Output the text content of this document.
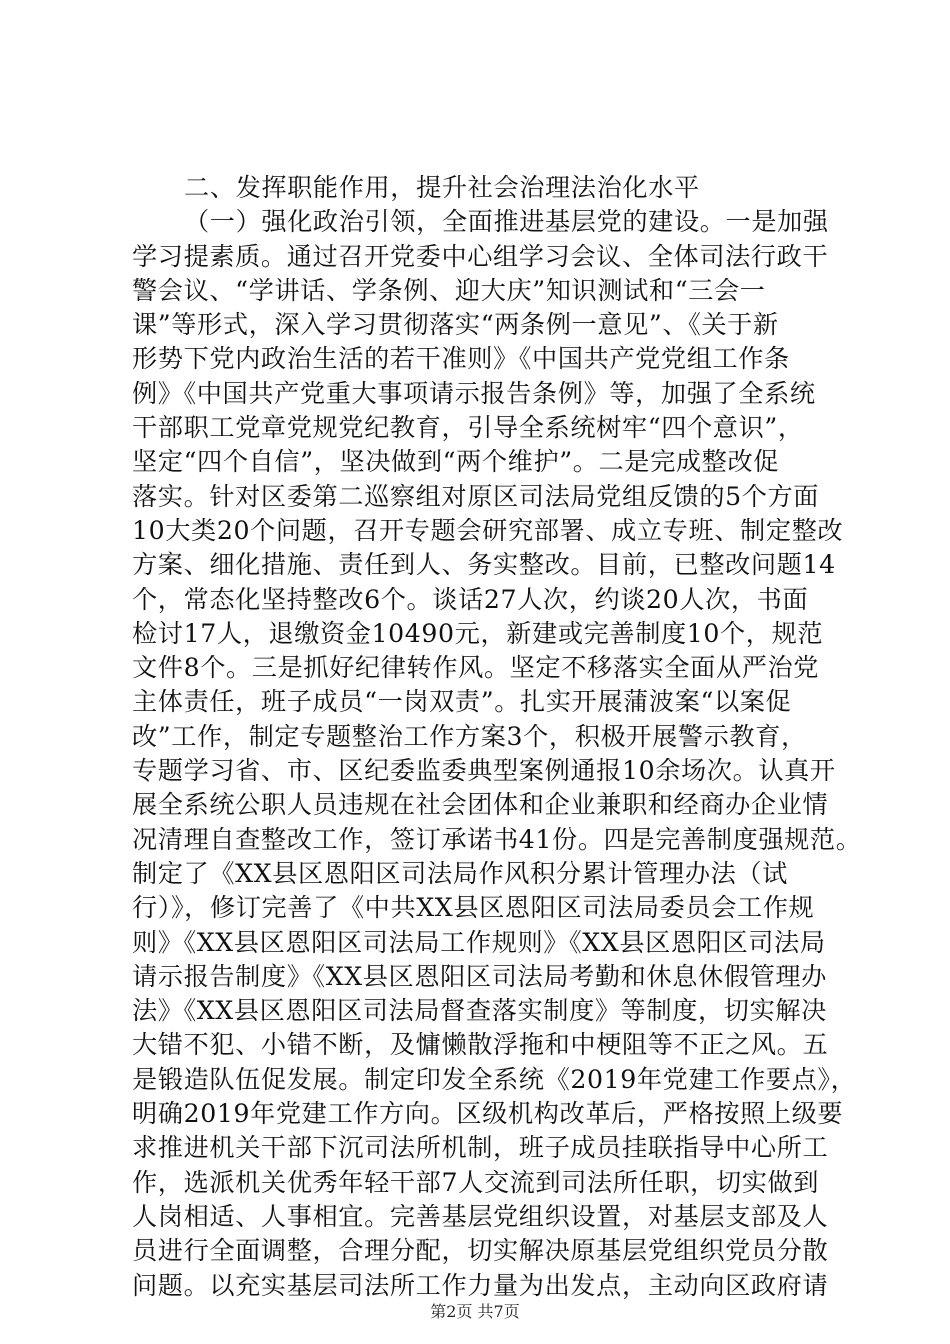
二、发挥职能作用，提升社会治理法治化水平
（一）强化政治引领，全面推进基层党的建设。一是加强
学习提素质。通过召开党委中心组学习会议、全体司法行政干
警会议、“学讲话、学条例、迎大庆”知识测试和“三会一
课”等形式，深入学习贯彻落实“两条例一意见”、《关于新
形势下党内政治生活的若干准则》《中国共产党党组工作条
例》《中国共产党重大事项请示报告条例》等，加强了全系统
干部职工党章党规党纪教育，引导全系统树牢“四个意识”，
坚定“四个自信”，坚决做到“两个维护”。二是完成整改促
落实。针对区委第二巡察组对原区司法局党组反馈的5个方面
10大类20个问题，召开专题会研究部署、成立专班、制定整改
方案、细化措施、责任到人、务实整改。目前，已整改问题14
个，常态化坚持整改6个。谈话27人次，约谈20人次，书面
检讨17人，退缴资金10490元，新建或完善制度10个，规范
文件8个。三是抓好纪律转作风。坚定不移落实全面从严治党
主体责任，班子成员“一岗双责”。扎实开展蒲波案“以案促
改”工作，制定专题整治工作方案3个，积极开展警示教育，
专题学习省、市、区纪委监委典型案例通报10余场次。认真开
展全系统公职人员违规在社会团体和企业兼职和经商办企业情
况清理自查整改工作，签订承诺书41份。四是完善制度强规范。
制定了《XX县区恩阳区司法局作风积分累计管理办法（试
行）》，修订完善了《中共XX县区恩阳区司法局委员会工作规
则》《XX县区恩阳区司法局工作规则》《XX县区恩阳区司法局
请示报告制度》《XX县区恩阳区司法局考勤和休息休假管理办
法》《XX县区恩阳区司法局督查落实制度》等制度，切实解决
大错不犯、小错不断，及慵懒散浮拖和中梗阻等不正之风。五
是锻造队伍促发展。制定印发全系统《2019年党建工作要点》，
明确2019年党建工作方向。区级机构改革后，严格按照上级要
求推进机关干部下沉司法所机制，班子成员挂联指导中心所工
作，选派机关优秀年轻干部7人交流到司法所任职，切实做到
人岗相适、人事相宜。完善基层党组织设置，对基层支部及人
员进行全面调整，合理分配，切实解决原基层党组织党员分散
问题。以充实基层司法所工作力量为出发点，主动向区政府请
第2页 共7页
